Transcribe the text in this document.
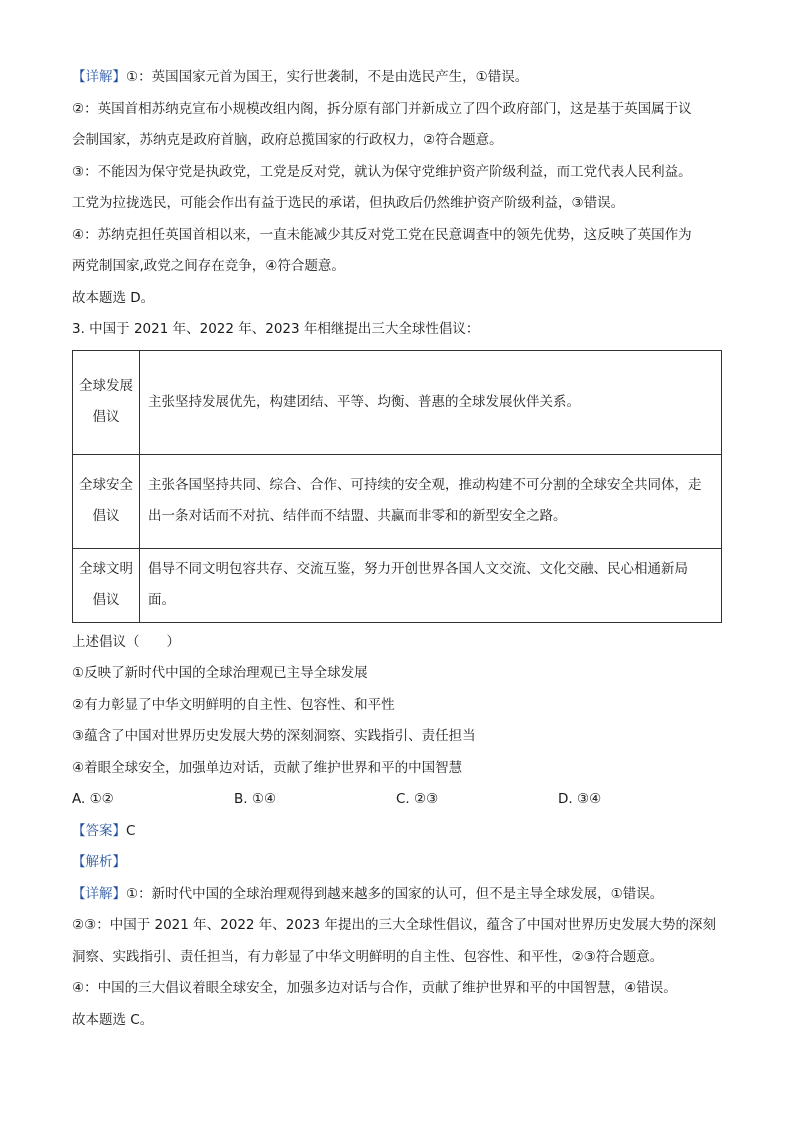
【详解】①：英国国家元首为国王，实行世袭制，不是由选民产生，①错误。
②：英国首相苏纳克宣布小规模改组内阁，拆分原有部门并新成立了四个政府部门，这是基于英国属于议
会制国家，苏纳克是政府首脑，政府总揽国家的行政权力，②符合题意。
③：不能因为保守党是执政党，工党是反对党，就认为保守党维护资产阶级利益，而工党代表人民利益。
工党为拉拢选民，可能会作出有益于选民的承诺，但执政后仍然维护资产阶级利益，③错误。
④：苏纳克担任英国首相以来，一直未能减少其反对党工党在民意调查中的领先优势，这反映了英国作为
两党制国家,政党之间存在竞争，④符合题意。
故本题选 D。
3. 中国于 2021 年、2022 年、2023 年相继提出三大全球性倡议：
全球发展倡议	主张坚持发展优先，构建团结、平等、均衡、普惠的全球发展伙伴关系。
全球安全倡议	主张各国坚持共同、综合、合作、可持续的安全观，推动构建不可分割的全球安全共同体，走出一条对话而不对抗、结伴而不结盟、共赢而非零和的新型安全之路。
全球文明倡议	倡导不同文明包容共存、交流互鉴，努力开创世界各国人文交流、文化交融、民心相通新局面。
上述倡议（　　）
①反映了新时代中国的全球治理观已主导全球发展
②有力彰显了中华文明鲜明的自主性、包容性、和平性
③蕴含了中国对世界历史发展大势的深刻洞察、实践指引、责任担当
④着眼全球安全，加强单边对话，贡献了维护世界和平的中国智慧
A. ①②	B. ①④	C. ②③	D. ③④
【答案】C
【解析】
【详解】①：新时代中国的全球治理观得到越来越多的国家的认可，但不是主导全球发展，①错误。
②③：中国于 2021 年、2022 年、2023 年提出的三大全球性倡议，蕴含了中国对世界历史发展大势的深刻
洞察、实践指引、责任担当，有力彰显了中华文明鲜明的自主性、包容性、和平性，②③符合题意。
④：中国的三大倡议着眼全球安全，加强多边对话与合作，贡献了维护世界和平的中国智慧，④错误。
故本题选 C。
